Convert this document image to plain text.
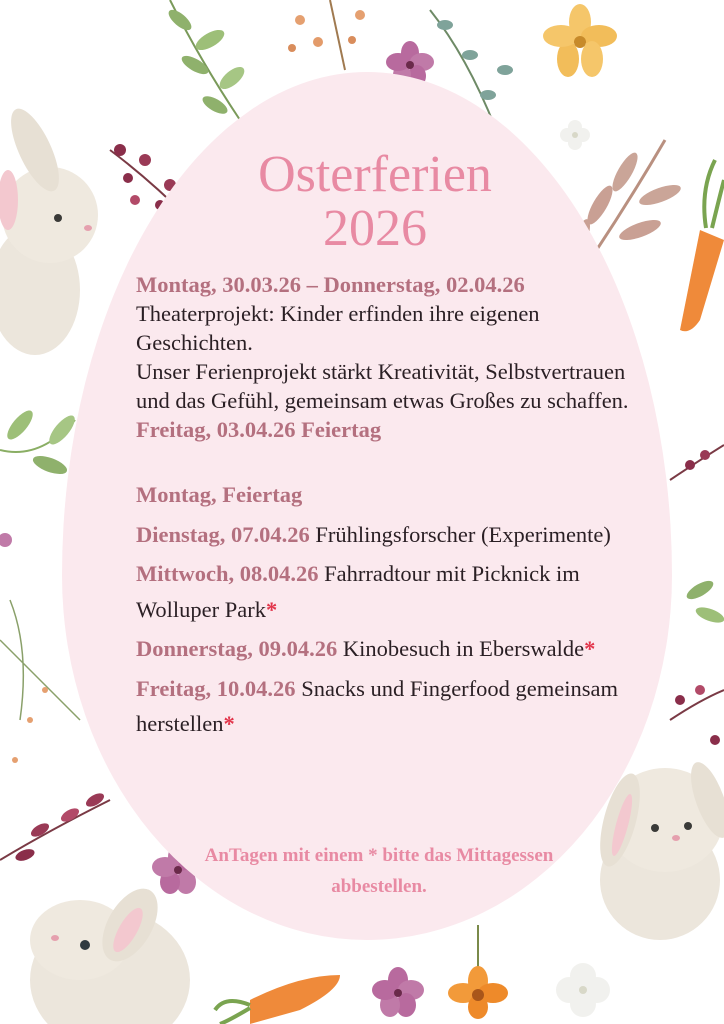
Osterferien
2026

Montag, 30.03.26 – Donnerstag, 02.04.26

Theaterprojekt: Kinder erfinden ihre eigenen Geschichten.

Unser Ferienprojekt stärkt Kreativität, Selbstvertrauen und das Gefühl, gemeinsam etwas Großes zu schaffen.

Freitag, 03.04.26 Feiertag

Montag, Feiertag

Dienstag, 07.04.26 Frühlingsforscher (Experimente)

Mittwoch, 08.04.26 Fahrradtour mit Picknick im Wolluper Park*

Donnerstag, 09.04.26 Kinobesuch in Eberswalde*

Freitag, 10.04.26 Snacks und Fingerfood gemeinsam herstellen*

AnTagen mit einem * bitte das Mittagessen abbestellen.
